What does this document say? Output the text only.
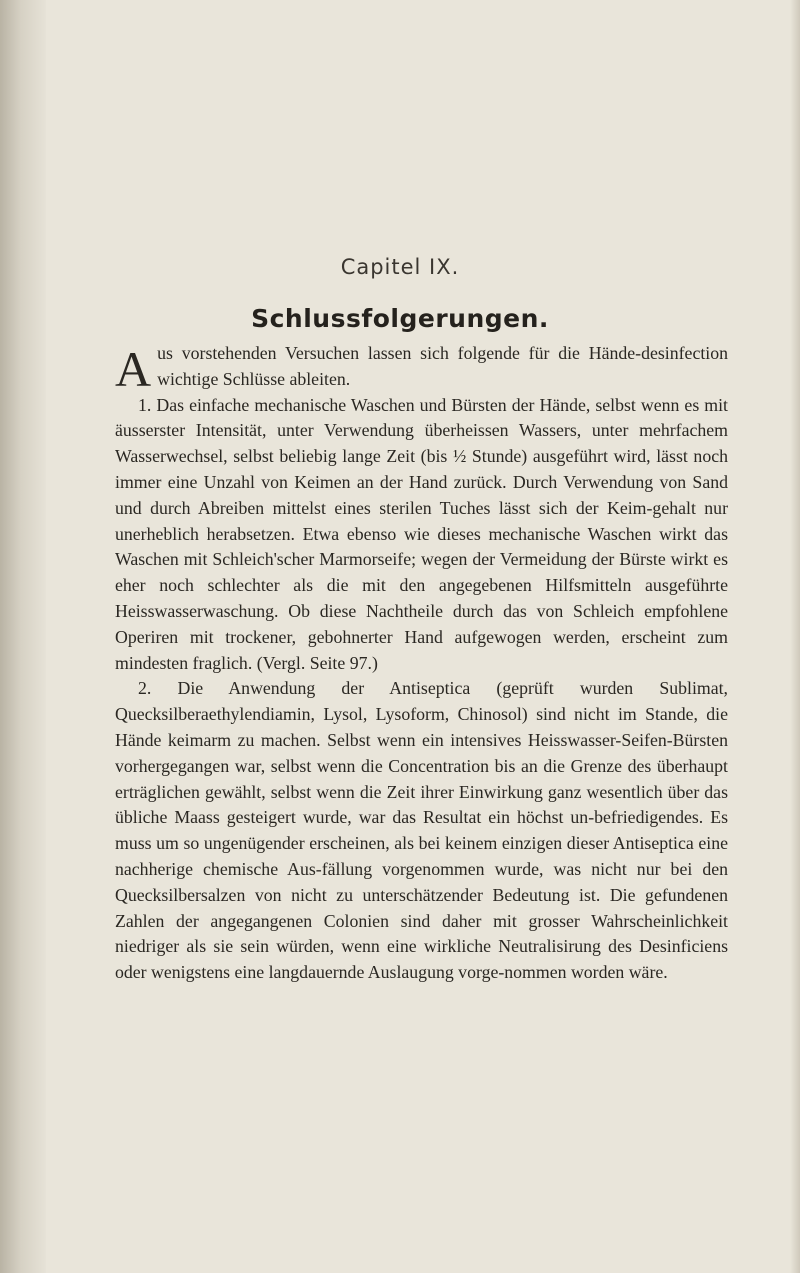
Capitel IX.
Schlussfolgerungen.

Aus vorstehenden Versuchen lassen sich folgende für die Hände-desinfection wichtige Schlüsse ableiten.

1. Das einfache mechanische Waschen und Bürsten der Hände, selbst wenn es mit äusserster Intensität, unter Verwendung überheissen Wassers, unter mehrfachem Wasserwechsel, selbst beliebig lange Zeit (bis ½ Stunde) ausgeführt wird, lässt noch immer eine Unzahl von Keimen an der Hand zurück. Durch Verwendung von Sand und durch Abreiben mittelst eines sterilen Tuches lässt sich der Keim-gehalt nur unerheblich herabsetzen. Etwa ebenso wie dieses mechanische Waschen wirkt das Waschen mit Schleich'scher Marmorseife; wegen der Vermeidung der Bürste wirkt es eher noch schlechter als die mit den angegebenen Hilfsmitteln ausgeführte Heisswasserwaschung. Ob diese Nachtheile durch das von Schleich empfohlene Operiren mit trockener, gebohnerter Hand aufgewogen werden, erscheint zum mindesten fraglich. (Vergl. Seite 97.)

2. Die Anwendung der Antiseptica (geprüft wurden Sublimat, Quecksilberaethylendiamin, Lysol, Lysoform, Chinosol) sind nicht im Stande, die Hände keimarm zu machen. Selbst wenn ein intensives Heisswasser-Seifen-Bürsten vorhergegangen war, selbst wenn die Concentration bis an die Grenze des überhaupt erträglichen gewählt, selbst wenn die Zeit ihrer Einwirkung ganz wesentlich über das übliche Maass gesteigert wurde, war das Resultat ein höchst un-befriedigendes. Es muss um so ungenügender erscheinen, als bei keinem einzigen dieser Antiseptica eine nachherige chemische Aus-fällung vorgenommen wurde, was nicht nur bei den Quecksilbersalzen von nicht zu unterschätzender Bedeutung ist. Die gefundenen Zahlen der angegangenen Colonien sind daher mit grosser Wahrscheinlichkeit niedriger als sie sein würden, wenn eine wirkliche Neutralisirung des Desinficiens oder wenigstens eine langdauernde Auslaugung vorge-nommen worden wäre.
